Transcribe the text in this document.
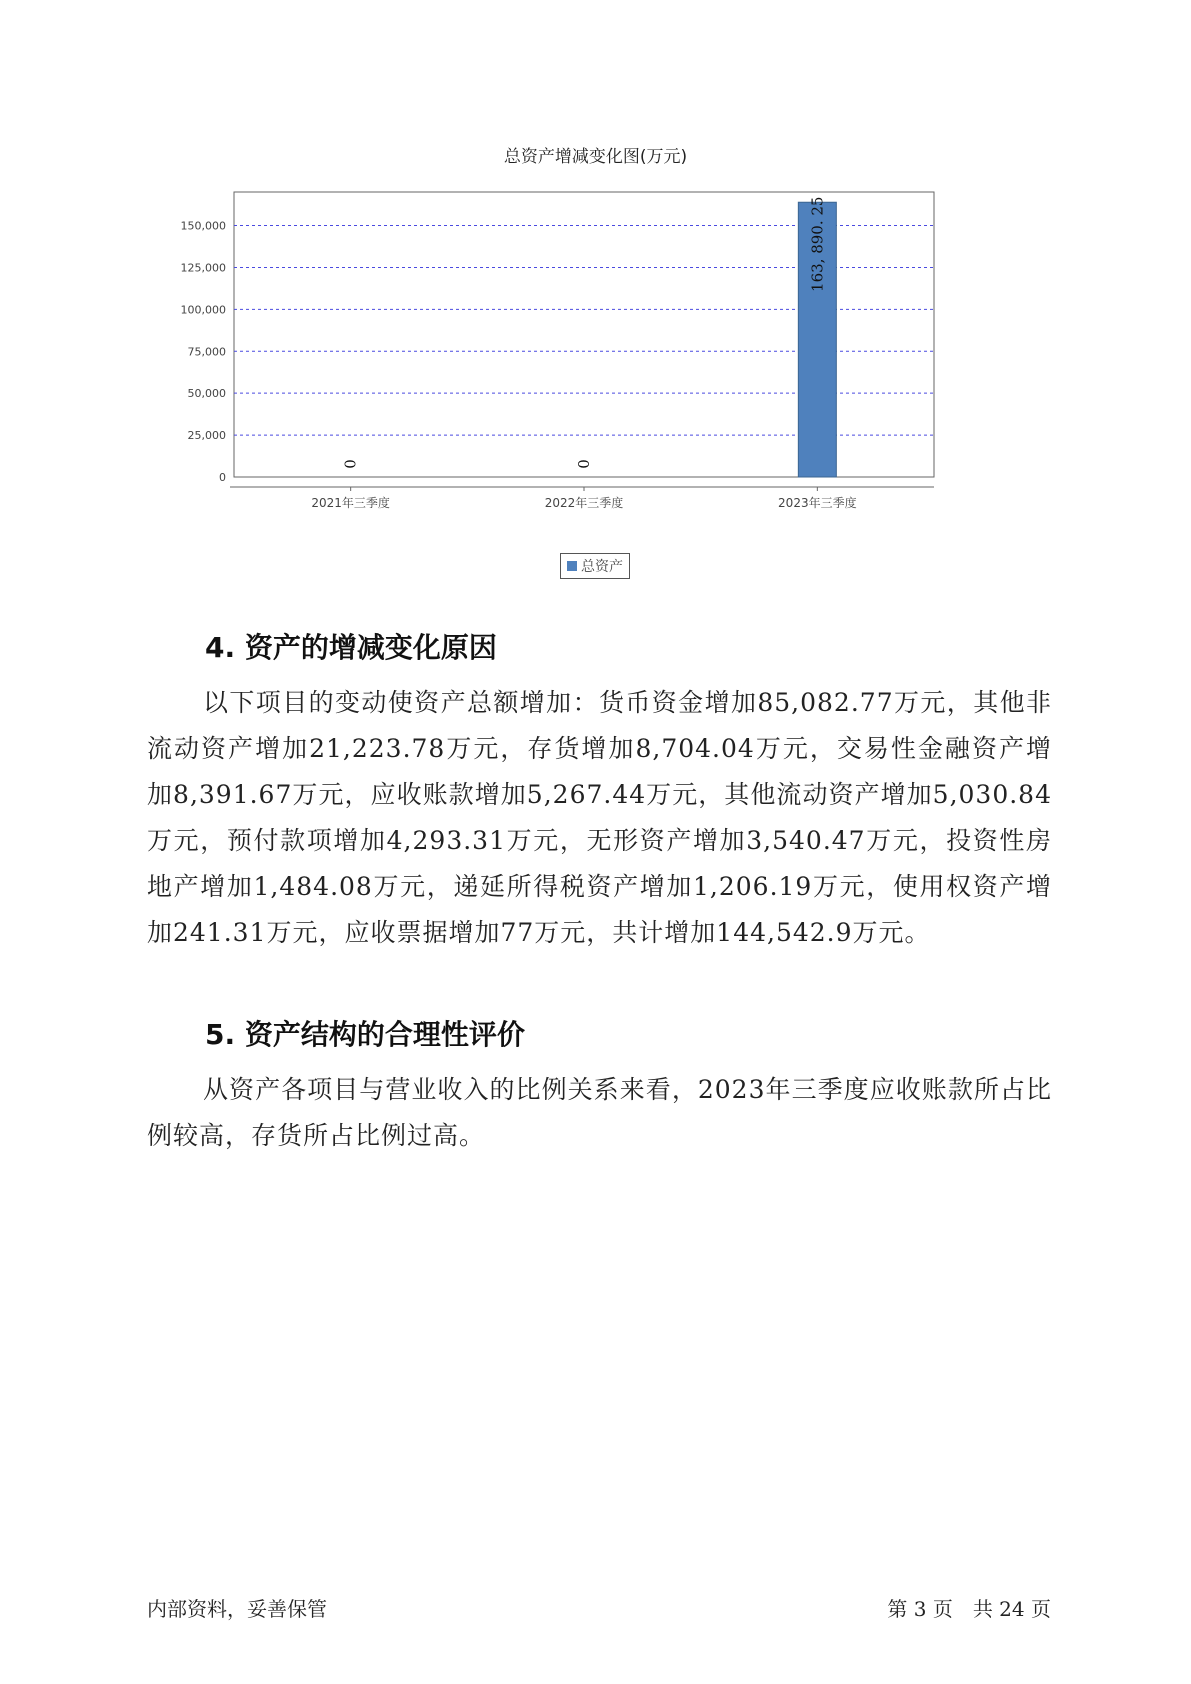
总资产增减变化图(万元)
0
25,000
50,000
75,000
100,000
125,000
150,000
2021年三季度
0
2022年三季度
0
2023年三季度
163, 890. 25
总资产
4. 资产的增减变化原因

以下项目的变动使资产总额增加：货币资金增加85,082.77万元，其他非流动资产增加21,223.78万元，存货增加8,704.04万元，交易性金融资产增加8,391.67万元，应收账款增加5,267.44万元，其他流动资产增加5,030.84万元，预付款项增加4,293.31万元，无形资产增加3,540.47万元，投资性房地产增加1,484.08万元，递延所得税资产增加1,206.19万元，使用权资产增加241.31万元，应收票据增加77万元，共计增加144,542.9万元。

5. 资产结构的合理性评价

从资产各项目与营业收入的比例关系来看，2023年三季度应收账款所占比例较高，存货所占比例过高。

内部资料，妥善保管	第 3 页　共 24 页
